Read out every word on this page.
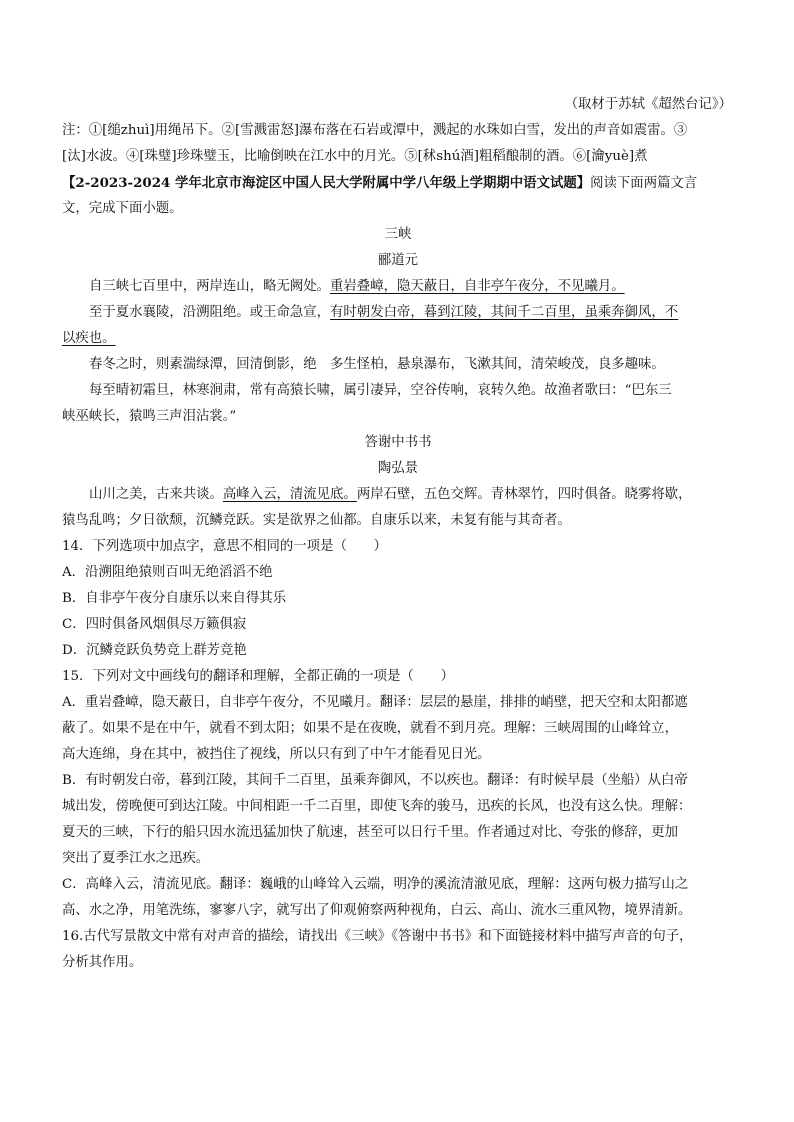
（取材于苏轼《超然台记》）
注：①[缒zhuì]用绳吊下。②[雪溅雷怒]瀑布落在石岩或潭中，溅起的水珠如白雪，发出的声音如震雷。③
[汰]水波。④[珠璧]珍珠璧玉，比喻倒映在江水中的月光。⑤[秫shú酒]粗稻酿制的酒。⑥[瀹yuè]煮
【2-2023-2024 学年北京市海淀区中国人民大学附属中学八年级上学期期中语文试题】阅读下面两篇文言
文，完成下面小题。
三峡
郦道元
自三峡七百里中，两岸连山，略无阙处。重岩叠嶂，隐天蔽日，自非亭午夜分，不见曦月。
至于夏水襄陵，沿溯阻绝。或王命急宣，有时朝发白帝，暮到江陵，其间千二百里，虽乘奔御风，不
以疾也。
春冬之时，则素湍绿潭，回清倒影，绝　多生怪柏，悬泉瀑布，飞漱其间，清荣峻茂，良多趣味。
每至晴初霜旦，林寒涧肃，常有高猿长啸，属引凄异，空谷传响，哀转久绝。故渔者歌曰：“巴东三
峡巫峡长，猿鸣三声泪沾裳。”
答谢中书书
陶弘景
山川之美，古来共谈。高峰入云，清流见底。两岸石壁，五色交辉。青林翠竹，四时俱备。晓雾将歇，
猿鸟乱鸣；夕日欲颓，沉鳞竞跃。实是欲界之仙都。自康乐以来，未复有能与其奇者。
14．下列选项中加点字，意思不相同的一项是（　　）
A．沿溯阻绝猿则百叫无绝滔滔不绝
B．自非亭午夜分自康乐以来自得其乐
C．四时俱备风烟俱尽万籁俱寂
D．沉鳞竞跃负势竞上群芳竞艳
15．下列对文中画线句的翻译和理解，全都正确的一项是（　　）
A．重岩叠嶂，隐天蔽日，自非亭午夜分，不见曦月。翻译：层层的悬崖，排排的峭壁，把天空和太阳都遮
蔽了。如果不是在中午，就看不到太阳；如果不是在夜晚，就看不到月亮。理解：三峡周围的山峰耸立，
高大连绵，身在其中，被挡住了视线，所以只有到了中午才能看见日光。
B．有时朝发白帝，暮到江陵，其间千二百里，虽乘奔御风，不以疾也。翻译：有时候早晨（坐船）从白帝
城出发，傍晚便可到达江陵。中间相距一千二百里，即使飞奔的骏马，迅疾的长风，也没有这么快。理解：
夏天的三峡，下行的船只因水流迅猛加快了航速，甚至可以日行千里。作者通过对比、夸张的修辞，更加
突出了夏季江水之迅疾。
C．高峰入云，清流见底。翻译：巍峨的山峰耸入云端，明净的溪流清澈见底，理解：这两句极力描写山之
高、水之净，用笔洗练，寥寥八字，就写出了仰观俯察两种视角，白云、高山、流水三重风物，境界清新。
16.古代写景散文中常有对声音的描绘，请找出《三峡》《答谢中书书》和下面链接材料中描写声音的句子，
分析其作用。
